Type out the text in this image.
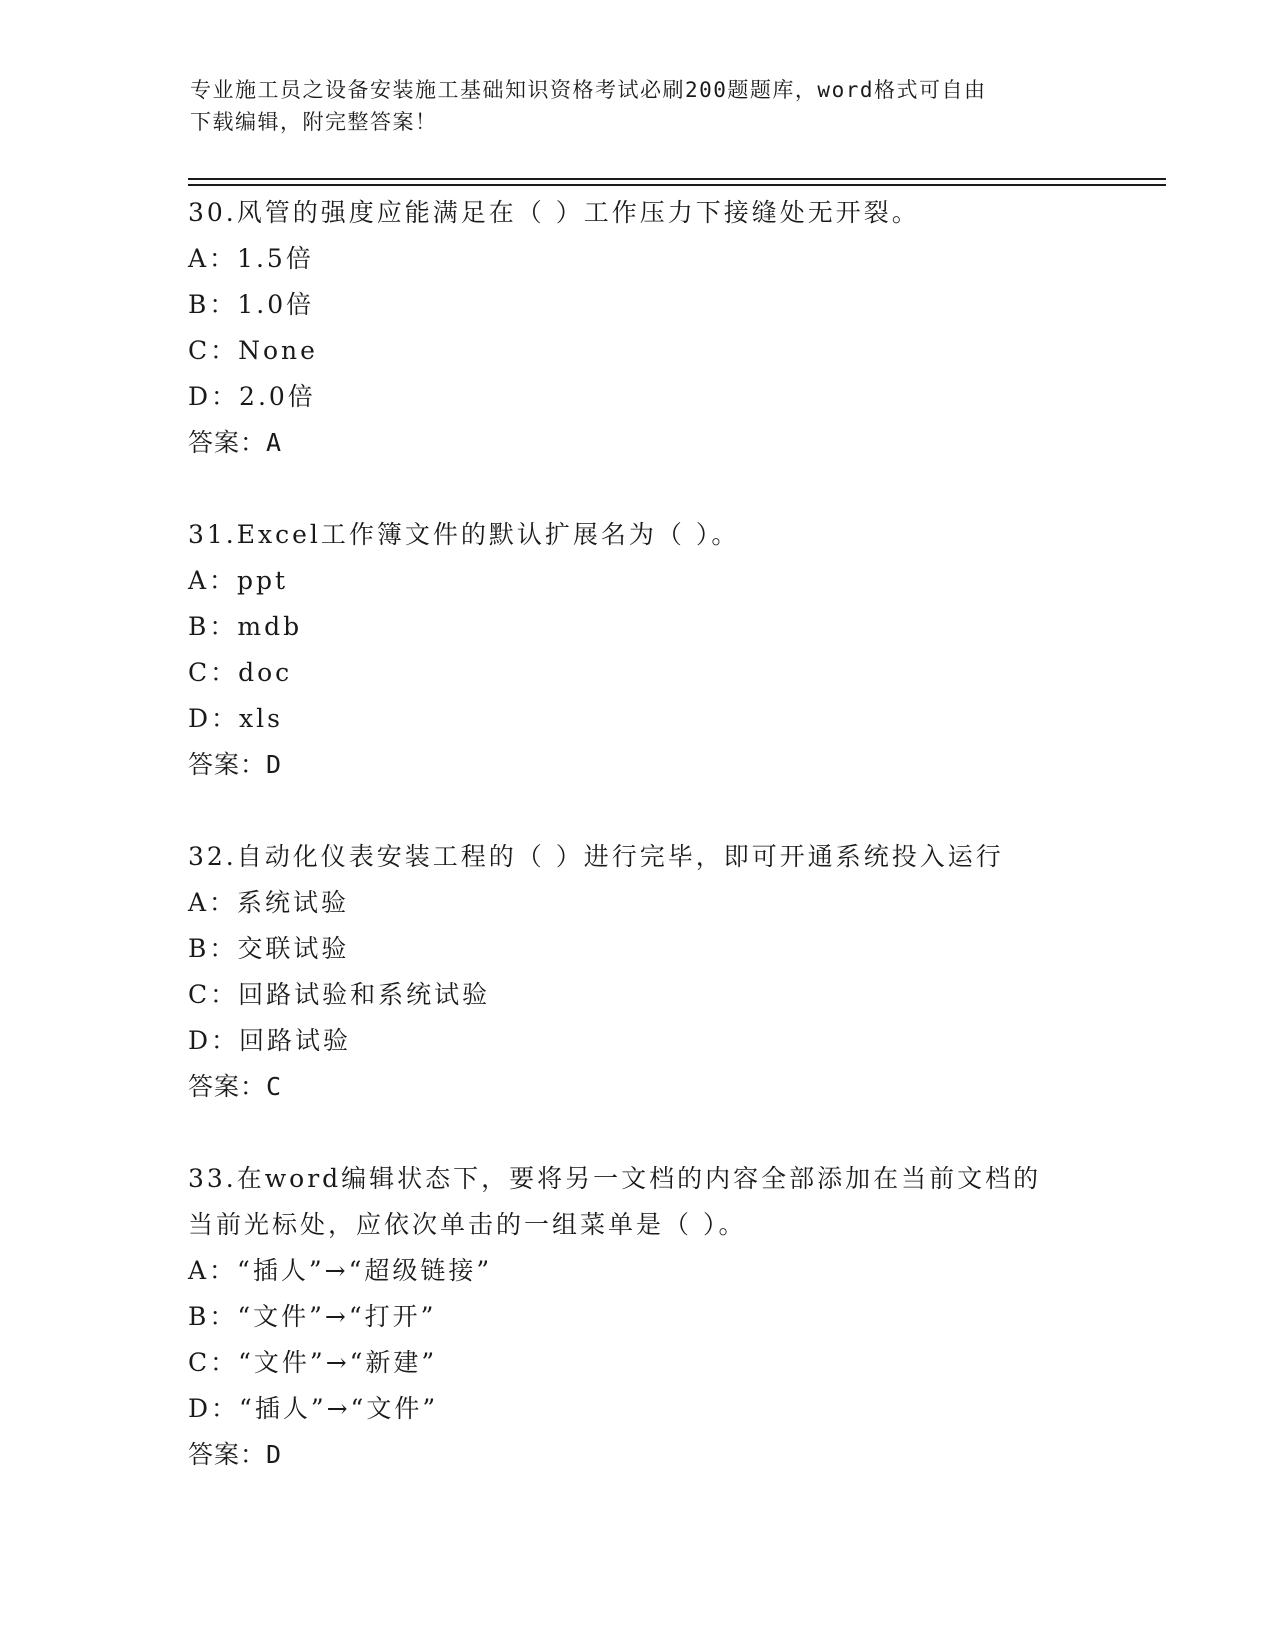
专业施工员之设备安装施工基础知识资格考试必刷200题题库，word格式可自由
下载编辑，附完整答案！

30.风管的强度应能满足在（ ）工作压力下接缝处无开裂。

A：1.5倍

B：1.0倍

C：None

D：2.0倍

答案：A

31.Excel工作簿文件的默认扩展名为（ ）。

A：ppt

B：mdb

C：doc

D：xls

答案：D

32.自动化仪表安装工程的（ ）进行完毕，即可开通系统投入运行

A：系统试验

B：交联试验

C：回路试验和系统试验

D：回路试验

答案：C

33.在word编辑状态下，要将另一文档的内容全部添加在当前文档的

当前光标处，应依次单击的一组菜单是（ ）。

A：“插人”→“超级链接”

B：“文件”→“打开”

C：“文件”→“新建”

D：“插人”→“文件”

答案：D
